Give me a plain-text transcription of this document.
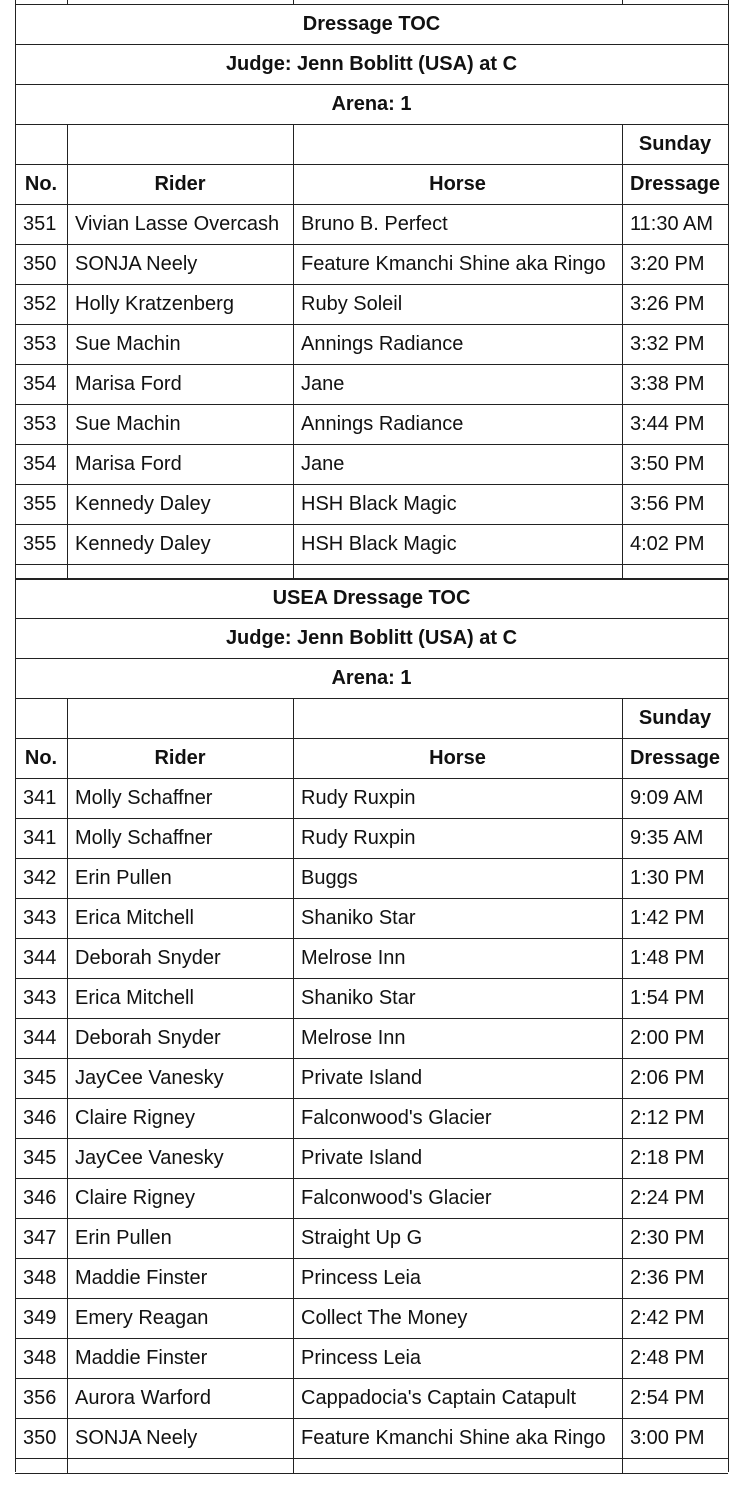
Dressage TOC
Judge: Jenn Boblitt (USA) at C
Arena: 1
Sunday
No.	Rider	Horse	Dressage
351 Vivian Lasse Overcash	Bruno B. Perfect	11:30 AM
350 SONJA Neely	Feature Kmanchi Shine aka Ringo	3:20 PM
352 Holly Kratzenberg	Ruby Soleil	3:26 PM
353 Sue Machin	Annings Radiance	3:32 PM
354 Marisa Ford	Jane	3:38 PM
353 Sue Machin	Annings Radiance	3:44 PM
354 Marisa Ford	Jane	3:50 PM
355 Kennedy Daley	HSH Black Magic	3:56 PM
355 Kennedy Daley	HSH Black Magic	4:02 PM
USEA Dressage TOC
Judge: Jenn Boblitt (USA) at C
Arena: 1
Sunday
No.	Rider	Horse	Dressage
341 Molly Schaffner	Rudy Ruxpin	9:09 AM
341 Molly Schaffner	Rudy Ruxpin	9:35 AM
342 Erin Pullen	Buggs	1:30 PM
343 Erica Mitchell	Shaniko Star	1:42 PM
344 Deborah Snyder	Melrose Inn	1:48 PM
343 Erica Mitchell	Shaniko Star	1:54 PM
344 Deborah Snyder	Melrose Inn	2:00 PM
345 JayCee Vanesky	Private Island	2:06 PM
346 Claire Rigney	Falconwood's Glacier	2:12 PM
345 JayCee Vanesky	Private Island	2:18 PM
346 Claire Rigney	Falconwood's Glacier	2:24 PM
347 Erin Pullen	Straight Up G	2:30 PM
348 Maddie Finster	Princess Leia	2:36 PM
349 Emery Reagan	Collect The Money	2:42 PM
348 Maddie Finster	Princess Leia	2:48 PM
356 Aurora Warford	Cappadocia's Captain Catapult	2:54 PM
350 SONJA Neely	Feature Kmanchi Shine aka Ringo	3:00 PM
